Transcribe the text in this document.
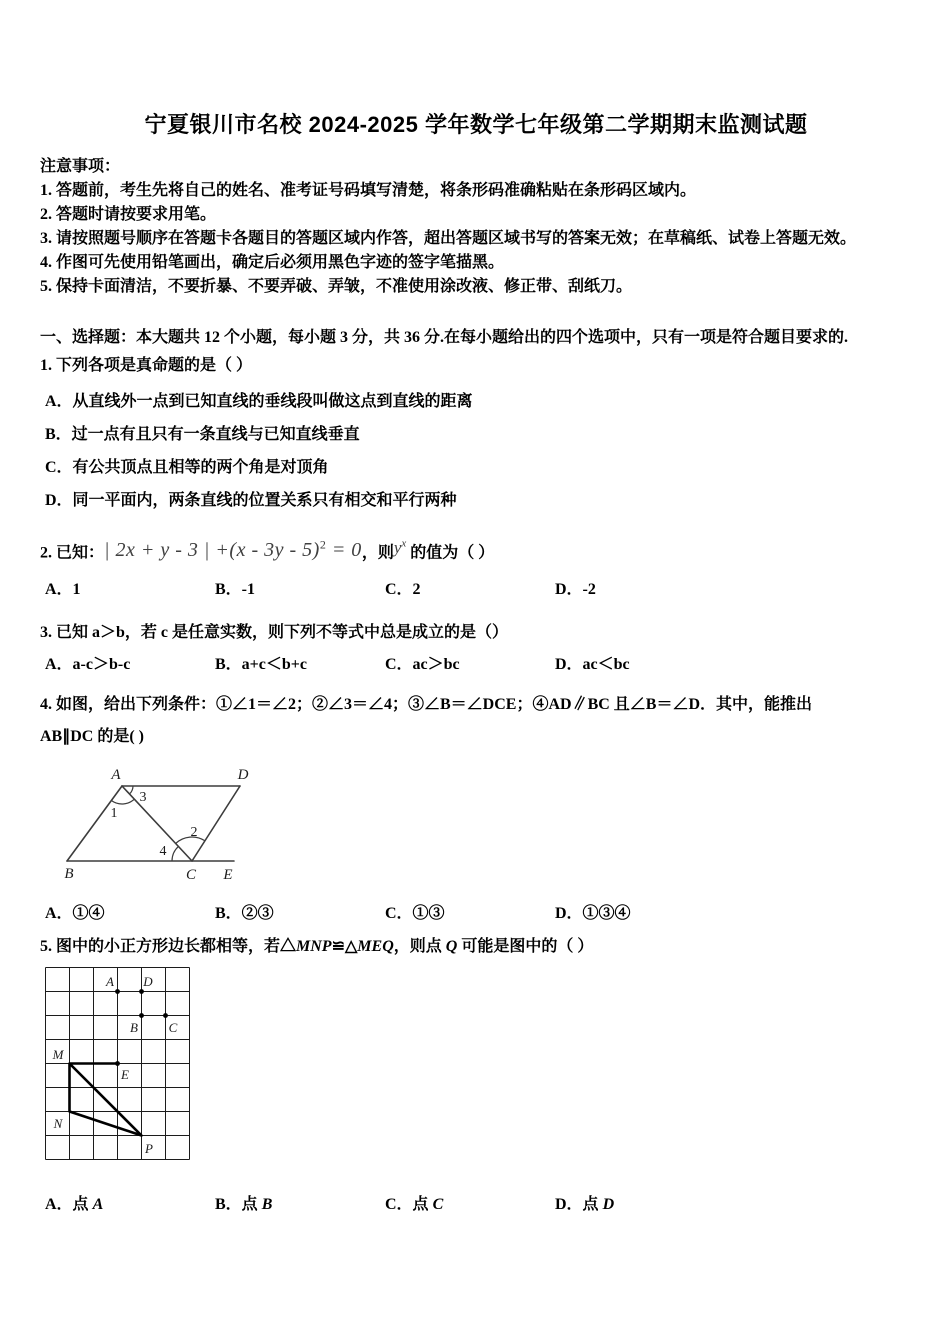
宁夏银川市名校 2024-2025 学年数学七年级第二学期期末监测试题
注意事项：
1. 答题前，考生先将自己的姓名、准考证号码填写清楚，将条形码准确粘贴在条形码区域内。
2. 答题时请按要求用笔。
3. 请按照题号顺序在答题卡各题目的答题区域内作答，超出答题区域书写的答案无效；在草稿纸、试卷上答题无效。
4. 作图可先使用铅笔画出，确定后必须用黑色字迹的签字笔描黑。
5. 保持卡面清洁，不要折暴、不要弄破、弄皱，不准使用涂改液、修正带、刮纸刀。
一、选择题：本大题共 12 个小题，每小题 3 分，共 36 分.在每小题给出的四个选项中，只有一项是符合题目要求的.
1. 下列各项是真命题的是（ ）
A．从直线外一点到已知直线的垂线段叫做这点到直线的距离
B．过一点有且只有一条直线与已知直线垂直
C．有公共顶点且相等的两个角是对顶角
D．同一平面内，两条直线的位置关系只有相交和平行两种
2. 已知：| 2x + y - 3 | +(x - 3y - 5)$^2$ = 0，则$y^x$ 的值为（ ）
A．1	B．-1	C．2	D．-2
3. 已知 a＞b，若 c 是任意实数，则下列不等式中总是成立的是（）
A．a-c＞b-c	B．a+c＜b+c	C．ac＞bc	D．ac＜bc
4. 如图，给出下列条件：①∠1＝∠2；②∠3＝∠4；③∠B＝∠DCE；④AD∥BC 且∠B＝∠D．其中，能推出
AB∥DC 的是( )
A	D
B	C E
1
3
2
4
A．①④	B．②③	C．①③	D．①③④
5. 图中的小正方形边长都相等，若△MNP≌△MEQ，则点 Q 可能是图中的（ ）
A D
B C
M
E
N
P
A．点 A	B．点 B	C．点 C	D．点 D
